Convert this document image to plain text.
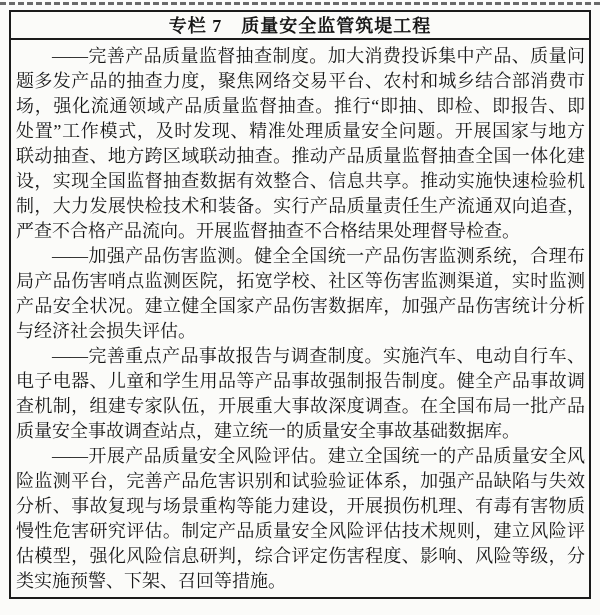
专栏 7　质量安全监管筑堤工程
——完善产品质量监督抽查制度。加大消费投诉集中产品、质量问
题多发产品的抽查力度，聚焦网络交易平台、农村和城乡结合部消费市
场，强化流通领域产品质量监督抽查。推行“即抽、即检、即报告、即
处置”工作模式，及时发现、精准处理质量安全问题。开展国家与地方
联动抽查、地方跨区域联动抽查。推动产品质量监督抽查全国一体化建
设，实现全国监督抽查数据有效整合、信息共享。推动实施快速检验机
制，大力发展快检技术和装备。实行产品质量责任生产流通双向追查，
严查不合格产品流向。开展监督抽查不合格结果处理督导检查。
——加强产品伤害监测。健全全国统一产品伤害监测系统，合理布
局产品伤害哨点监测医院，拓宽学校、社区等伤害监测渠道，实时监测
产品安全状况。建立健全国家产品伤害数据库，加强产品伤害统计分析
与经济社会损失评估。
——完善重点产品事故报告与调查制度。实施汽车、电动自行车、
电子电器、儿童和学生用品等产品事故强制报告制度。健全产品事故调
查机制，组建专家队伍，开展重大事故深度调查。在全国布局一批产品
质量安全事故调查站点，建立统一的质量安全事故基础数据库。
——开展产品质量安全风险评估。建立全国统一的产品质量安全风
险监测平台，完善产品危害识别和试验验证体系，加强产品缺陷与失效
分析、事故复现与场景重构等能力建设，开展损伤机理、有毒有害物质
慢性危害研究评估。制定产品质量安全风险评估技术规则，建立风险评
估模型，强化风险信息研判，综合评定伤害程度、影响、风险等级，分
类实施预警、下架、召回等措施。
